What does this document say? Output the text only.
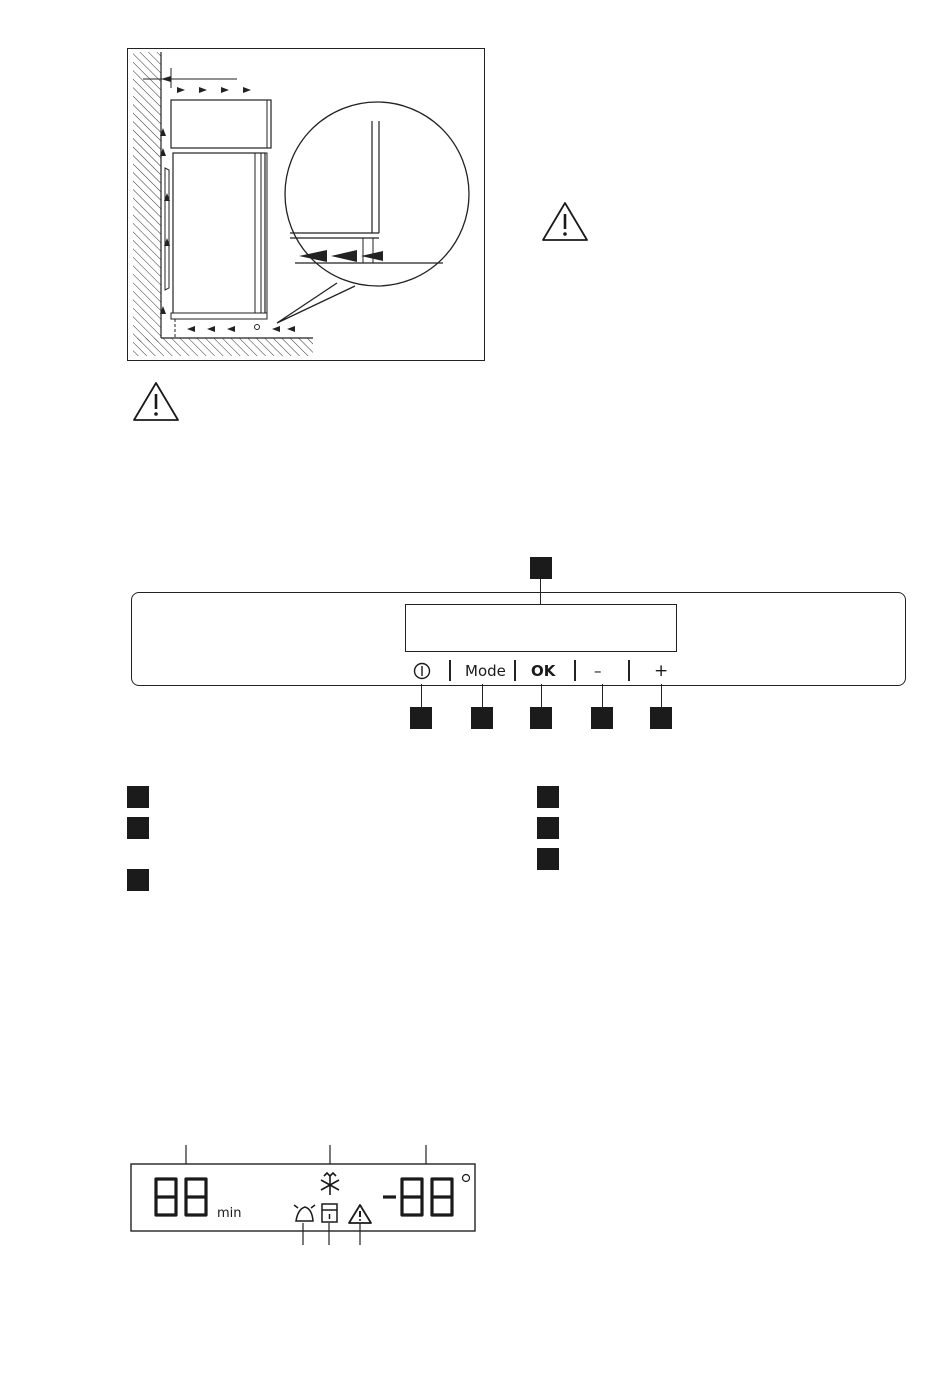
Mode OK	–	+
min
